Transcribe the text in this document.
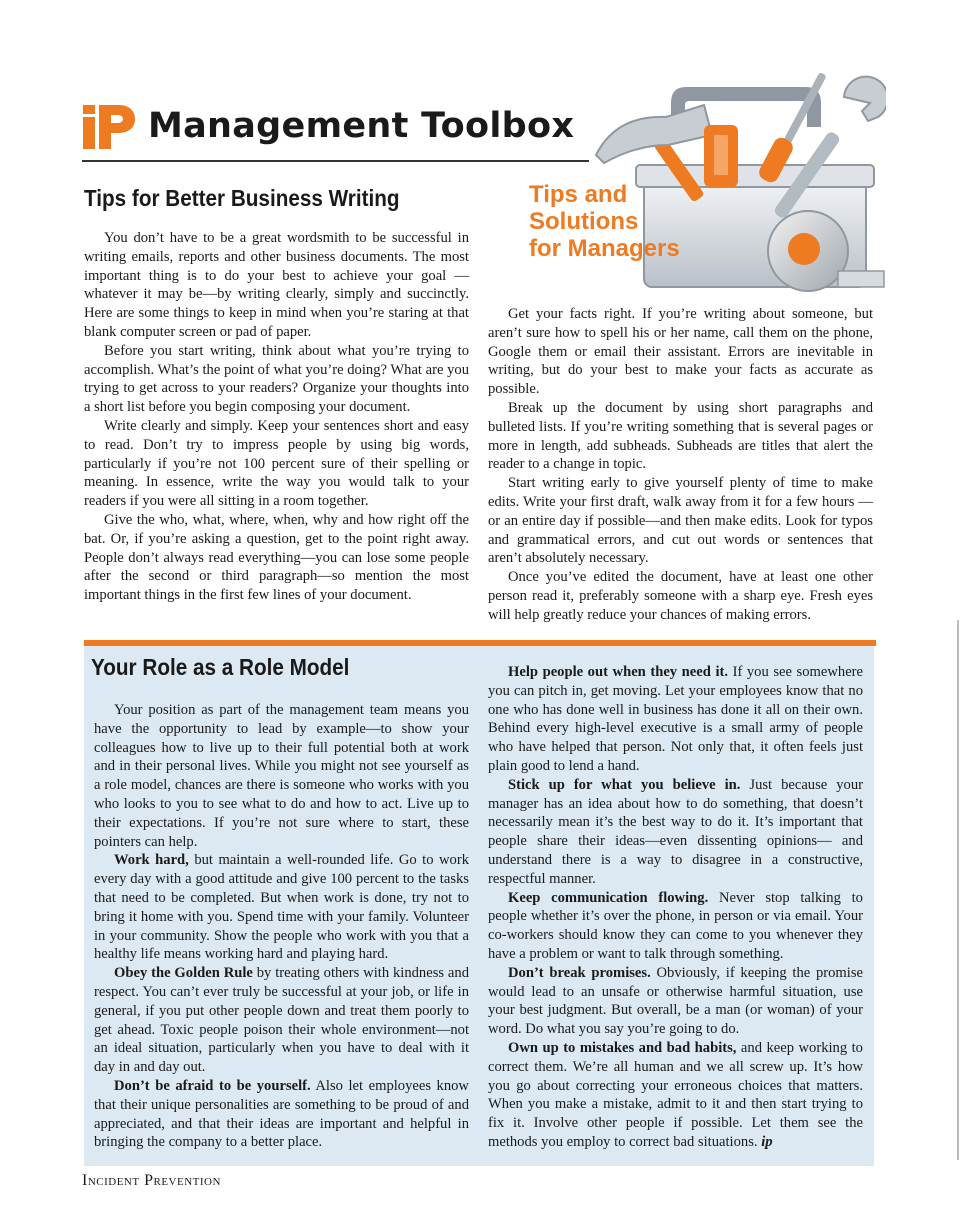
Management Toolbox
Tips and
Solutions
for Managers
Tips for Better Business Writing

You don’t have to be a great wordsmith to be successful in writing emails, reports and other business documents. The most important thing is to do your best to achieve your goal —whatever it may be—by writing clearly, simply and succinctly. Here are some things to keep in mind when you’re staring at that blank computer screen or pad of paper.

Before you start writing, think about what you’re trying to accomplish. What’s the point of what you’re doing? What are you trying to get across to your readers? Organize your thoughts into a short list before you begin composing your document.

Write clearly and simply. Keep your sentences short and easy to read. Don’t try to impress people by using big words, particularly if you’re not 100 percent sure of their spelling or meaning. In essence, write the way you would talk to your readers if you were all sitting in a room together.

Give the who, what, where, when, why and how right off the bat. Or, if you’re asking a question, get to the point right away. People don’t always read everything—you can lose some people after the second or third paragraph—so mention the most important things in the first few lines of your document.

Get your facts right. If you’re writing about someone, but aren’t sure how to spell his or her name, call them on the phone, Google them or email their assistant. Errors are inevitable in writing, but do your best to make your facts as accurate as possible.

Break up the document by using short paragraphs and bulleted lists. If you’re writing something that is several pages or more in length, add subheads. Subheads are titles that alert the reader to a change in topic.

Start writing early to give yourself plenty of time to make edits. Write your first draft, walk away from it for a few hours —or an entire day if possible—and then make edits. Look for typos and grammatical errors, and cut out words or sentences that aren’t absolutely necessary.

Once you’ve edited the document, have at least one other person read it, preferably someone with a sharp eye. Fresh eyes will help greatly reduce your chances of making errors.

Your Role as a Role Model

Your position as part of the management team means you have the opportunity to lead by example—to show your colleagues how to live up to their full potential both at work and in their personal lives. While you might not see yourself as a role model, chances are there is someone who works with you who looks to you to see what to do and how to act. Live up to their expectations. If you’re not sure where to start, these pointers can help.

Work hard, but maintain a well-rounded life. Go to work every day with a good attitude and give 100 percent to the tasks that need to be completed. But when work is done, try not to bring it home with you. Spend time with your family. Volunteer in your community. Show the people who work with you that a healthy life means working hard and playing hard.

Obey the Golden Rule by treating others with kindness and respect. You can’t ever truly be successful at your job, or life in general, if you put other people down and treat them poorly to get ahead. Toxic people poison their whole environment—not an ideal situation, particularly when you have to deal with it day in and day out.

Don’t be afraid to be yourself. Also let employees know that their unique personalities are something to be proud of and appreciated, and that their ideas are important and helpful in bringing the company to a better place.

Help people out when they need it. If you see somewhere you can pitch in, get moving. Let your employees know that no one who has done well in business has done it all on their own. Behind every high-level executive is a small army of people who have helped that person. Not only that, it often feels just plain good to lend a hand.

Stick up for what you believe in. Just because your manager has an idea about how to do something, that doesn’t necessarily mean it’s the best way to do it. It’s important that people share their ideas—even dissenting opinions— and understand there is a way to disagree in a constructive, respectful manner.

Keep communication flowing. Never stop talking to people whether it’s over the phone, in person or via email. Your co-workers should know they can come to you whenever they have a problem or want to talk through something.

Don’t break promises. Obviously, if keeping the promise would lead to an unsafe or otherwise harmful situation, use your best judgment. But overall, be a man (or woman) of your word. Do what you say you’re going to do.

Own up to mistakes and bad habits, and keep working to correct them. We’re all human and we all screw up. It’s how you go about correcting your erroneous choices that matters. When you make a mistake, admit to it and then start trying to fix it. Involve other people if possible. Let them see the methods you employ to correct bad situations. ip

Incident Prevention
